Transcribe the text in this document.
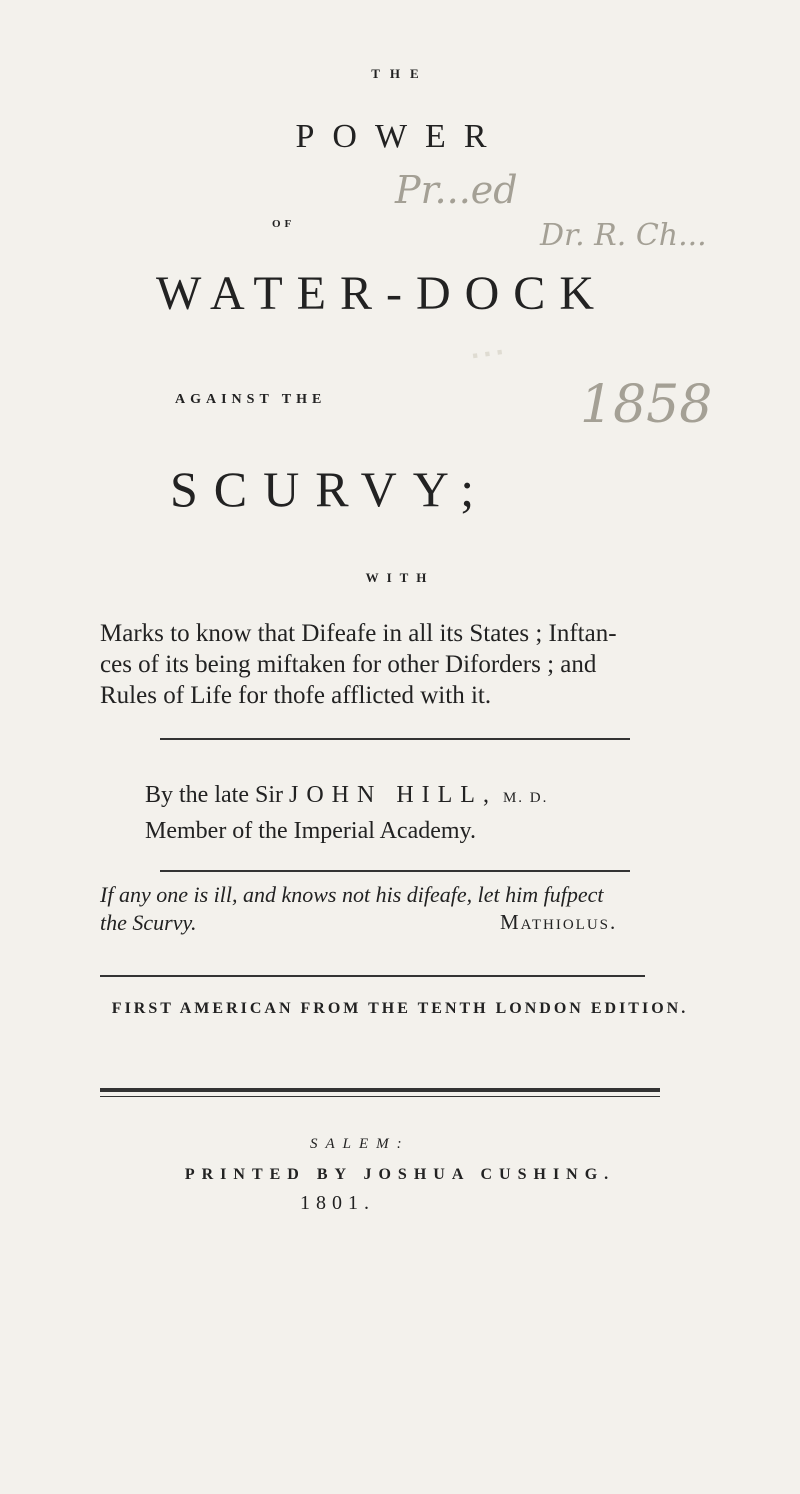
THE
POWER
Pr...ed
Dr. R. Ch...
OF
WATER-DOCK
...
1858
AGAINST THE
SCURVY;
WITH
Marks to know that Difeafe in all its States ; Inftan-
ces of its being miftaken for other Diforders ; and
Rules of Life for thofe afflicted with it.
By the late Sir JOHN HILL, M. D.
Member of the Imperial Academy.
If any one is ill, and knows not his difeafe, let him fufpect
the Scurvy.	Mathiolus.
FIRST AMERICAN FROM THE TENTH LONDON EDITION.
SALEM:
PRINTED BY JOSHUA CUSHING.
1801.
